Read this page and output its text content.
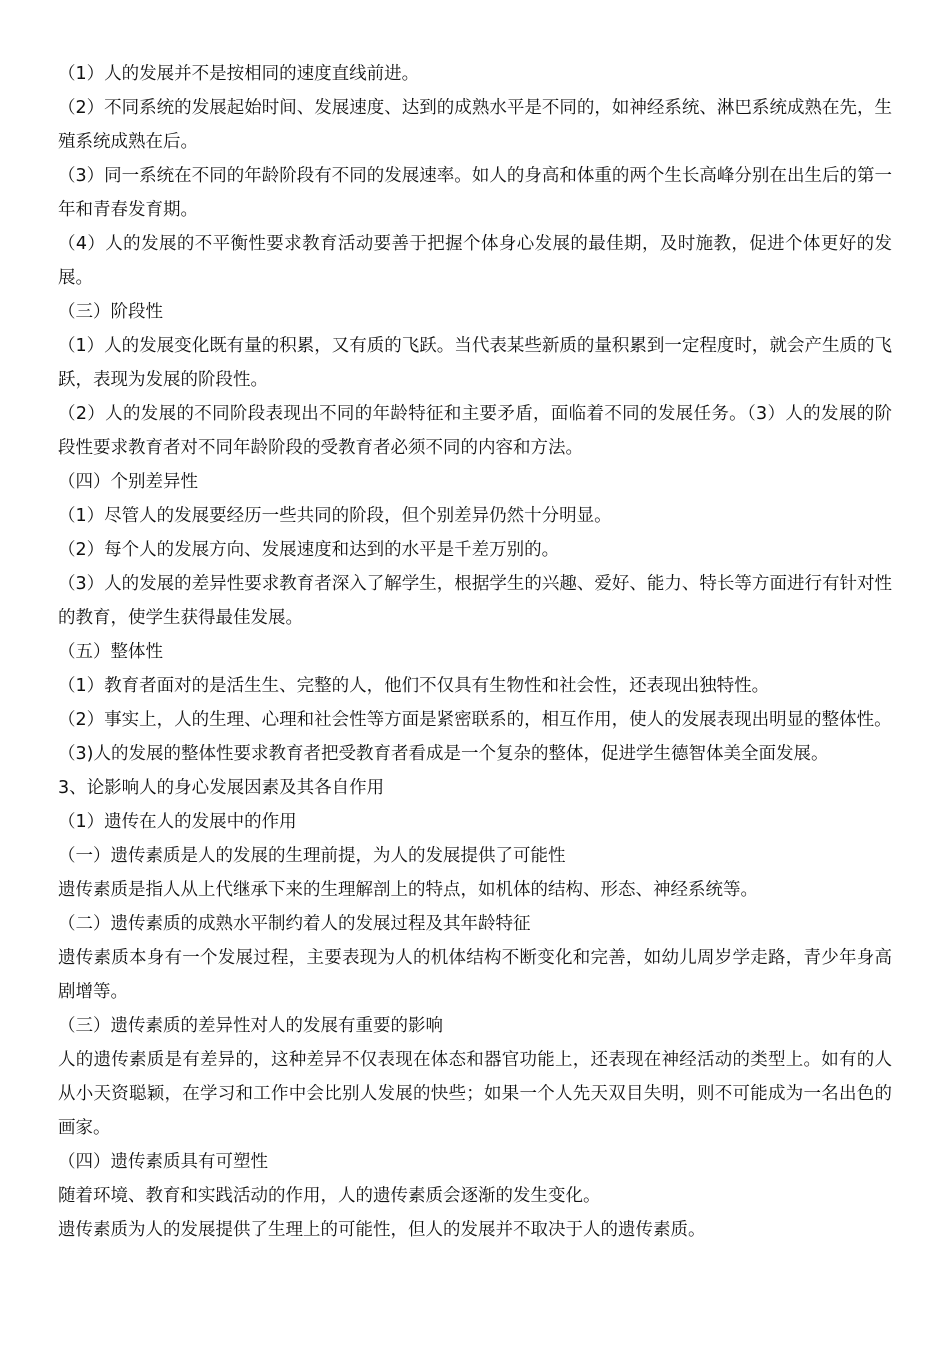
（1）人的发展并不是按相同的速度直线前进。

（2）不同系统的发展起始时间、发展速度、达到的成熟水平是不同的，如神经系统、淋巴系统成熟在先，生殖系统成熟在后。

（3）同一系统在不同的年龄阶段有不同的发展速率。如人的身高和体重的两个生长高峰分别在出生后的第一年和青春发育期。

（4）人的发展的不平衡性要求教育活动要善于把握个体身心发展的最佳期，及时施教，促进个体更好的发展。

（三）阶段性

（1）人的发展变化既有量的积累，又有质的飞跃。当代表某些新质的量积累到一定程度时，就会产生质的飞跃，表现为发展的阶段性。

（2）人的发展的不同阶段表现出不同的年龄特征和主要矛盾，面临着不同的发展任务。（3）人的发展的阶段性要求教育者对不同年龄阶段的受教育者必须不同的内容和方法。

（四）个别差异性

（1）尽管人的发展要经历一些共同的阶段，但个别差异仍然十分明显。

（2）每个人的发展方向、发展速度和达到的水平是千差万别的。

（3）人的发展的差异性要求教育者深入了解学生，根据学生的兴趣、爱好、能力、特长等方面进行有针对性的教育，使学生获得最佳发展。

（五）整体性

（1）教育者面对的是活生生、完整的人，他们不仅具有生物性和社会性，还表现出独特性。

（2）事实上，人的生理、心理和社会性等方面是紧密联系的，相互作用，使人的发展表现出明显的整体性。

（3)人的发展的整体性要求教育者把受教育者看成是一个复杂的整体，促进学生德智体美全面发展。

3、论影响人的身心发展因素及其各自作用

（1）遗传在人的发展中的作用

（一）遗传素质是人的发展的生理前提，为人的发展提供了可能性

遗传素质是指人从上代继承下来的生理解剖上的特点，如机体的结构、形态、神经系统等。

（二）遗传素质的成熟水平制约着人的发展过程及其年龄特征

遗传素质本身有一个发展过程，主要表现为人的机体结构不断变化和完善，如幼儿周岁学走路，青少年身高剧增等。

（三）遗传素质的差异性对人的发展有重要的影响

人的遗传素质是有差异的，这种差异不仅表现在体态和器官功能上，还表现在神经活动的类型上。如有的人从小天资聪颖，在学习和工作中会比别人发展的快些；如果一个人先天双目失明，则不可能成为一名出色的画家。

（四）遗传素质具有可塑性

随着环境、教育和实践活动的作用，人的遗传素质会逐渐的发生变化。

遗传素质为人的发展提供了生理上的可能性，但人的发展并不取决于人的遗传素质。
